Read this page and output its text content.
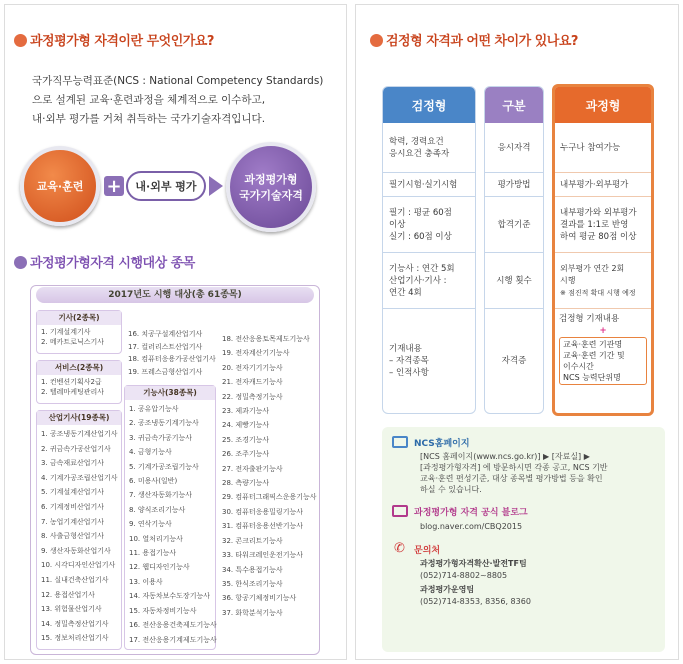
과정평가형 자격이란 무엇인가요?
국가직무능력표준(NCS : National Competency Standards)
으로 설계된 교육·훈련과정을 체계적으로 이수하고,
내·외부 평가를 거쳐 취득하는 국가기술자격입니다.
교육·훈련 + 내·외부 평가
과정평가형
국가기술자격
과정평가형자격 시행대상 종목
2017년도 시행 대상(총 61종목)
기사(2종목)
1. 기계설계기사
2. 메카트로닉스기사
서비스(2종목)
1. 컨벤션기획사2급
2. 텔레마케팅관리사
산업기사(19종목)
1. 공조냉동기계산업기사
2. 귀금속가공산업기사
3. 금속재료산업기사
4. 기계가공조립산업기사
5. 기계설계산업기사
6. 기계정비산업기사
7. 농업기계산업기사
8. 사출금형산업기사
9. 생산자동화산업기사
10. 시각디자인산업기사
11. 실내건축산업기사
12. 용접산업기사
13. 위험물산업기사
14. 정밀측정산업기사
15. 정보처리산업기사
16. 치공구설계산업기사
17. 컬러리스트산업기사
18. 컴퓨터응용가공산업기사
19. 프레스금형산업기사
기능사(38종목)
1. 공유압기능사
2. 공조냉동기계기능사
3. 귀금속가공기능사
4. 금형기능사
5. 기계가공조립기능사
6. 미용사(일반)
7. 생산자동화기능사
8. 양식조리기능사
9. 연삭기능사
10. 열처리기능사
11. 용접기능사
12. 웹디자인기능사
13. 이용사
14. 자동차보수도장기능사
15. 자동차정비기능사
16. 전산응용건축제도기능사
17. 전산응용기계제도기능사
18. 전산응용토목제도기능사
19. 전자계산기기능사
20. 전자기기기능사
21. 전자캐드기능사
22. 정밀측정기능사
23. 제과기능사
24. 제빵기능사
25. 조경기능사
26. 조주기능사
27. 전자출판기능사
28. 측량기능사
29. 컴퓨터그래픽스운용기능사
30. 컴퓨터응용밀링기능사
31. 컴퓨터응용선반기능사
32. 콘크리트기능사
33. 타워크레인운전기능사
34. 특수용접기능사
35. 한식조리기능사
36. 항공기체정비기능사
37. 화학분석기능사
검정형 자격과 어떤 차이가 있나요?
검정형
학력, 경력요건
응시요건 충족자
필기시험·실기시험
필기 : 평균 60점
이상
실기 : 60점 이상
기능사 : 연간 5회
산업기사·기사 :
연간 4회
기재내용
– 자격종목
– 인적사항
구분
응시자격
평가방법
합격기준
시행 횟수
자격증
과정형
누구나 참여가능
내부평가·외부평가
내부평가와 외부평가
결과를 1:1로 반영
하여 평균 80점 이상
외부평가 연간 2회
시행
※ 점진적 확대 시행 예정
검정형 기재내용
+
교육·훈련 기관명
교육·훈련 기간 및
이수시간
NCS 능력단위명
NCS홈페이지
[NCS 홈페이지(www.ncs.go.kr)] ▶ [자료실] ▶
[과정평가형자격] 에 방문하시면 각종 공고, NCS 기반
교육·훈련 편성기준, 대상 종목별 평가방법 등을 확인
하실 수 있습니다.
과정평가형 자격 공식 블로그
blog.naver.com/CBQ2015
✆ 문의처
과정평가형자격확산·발전TF팀
(052)714-8802~8805
과정평가운영팀
(052)714-8353, 8356, 8360
